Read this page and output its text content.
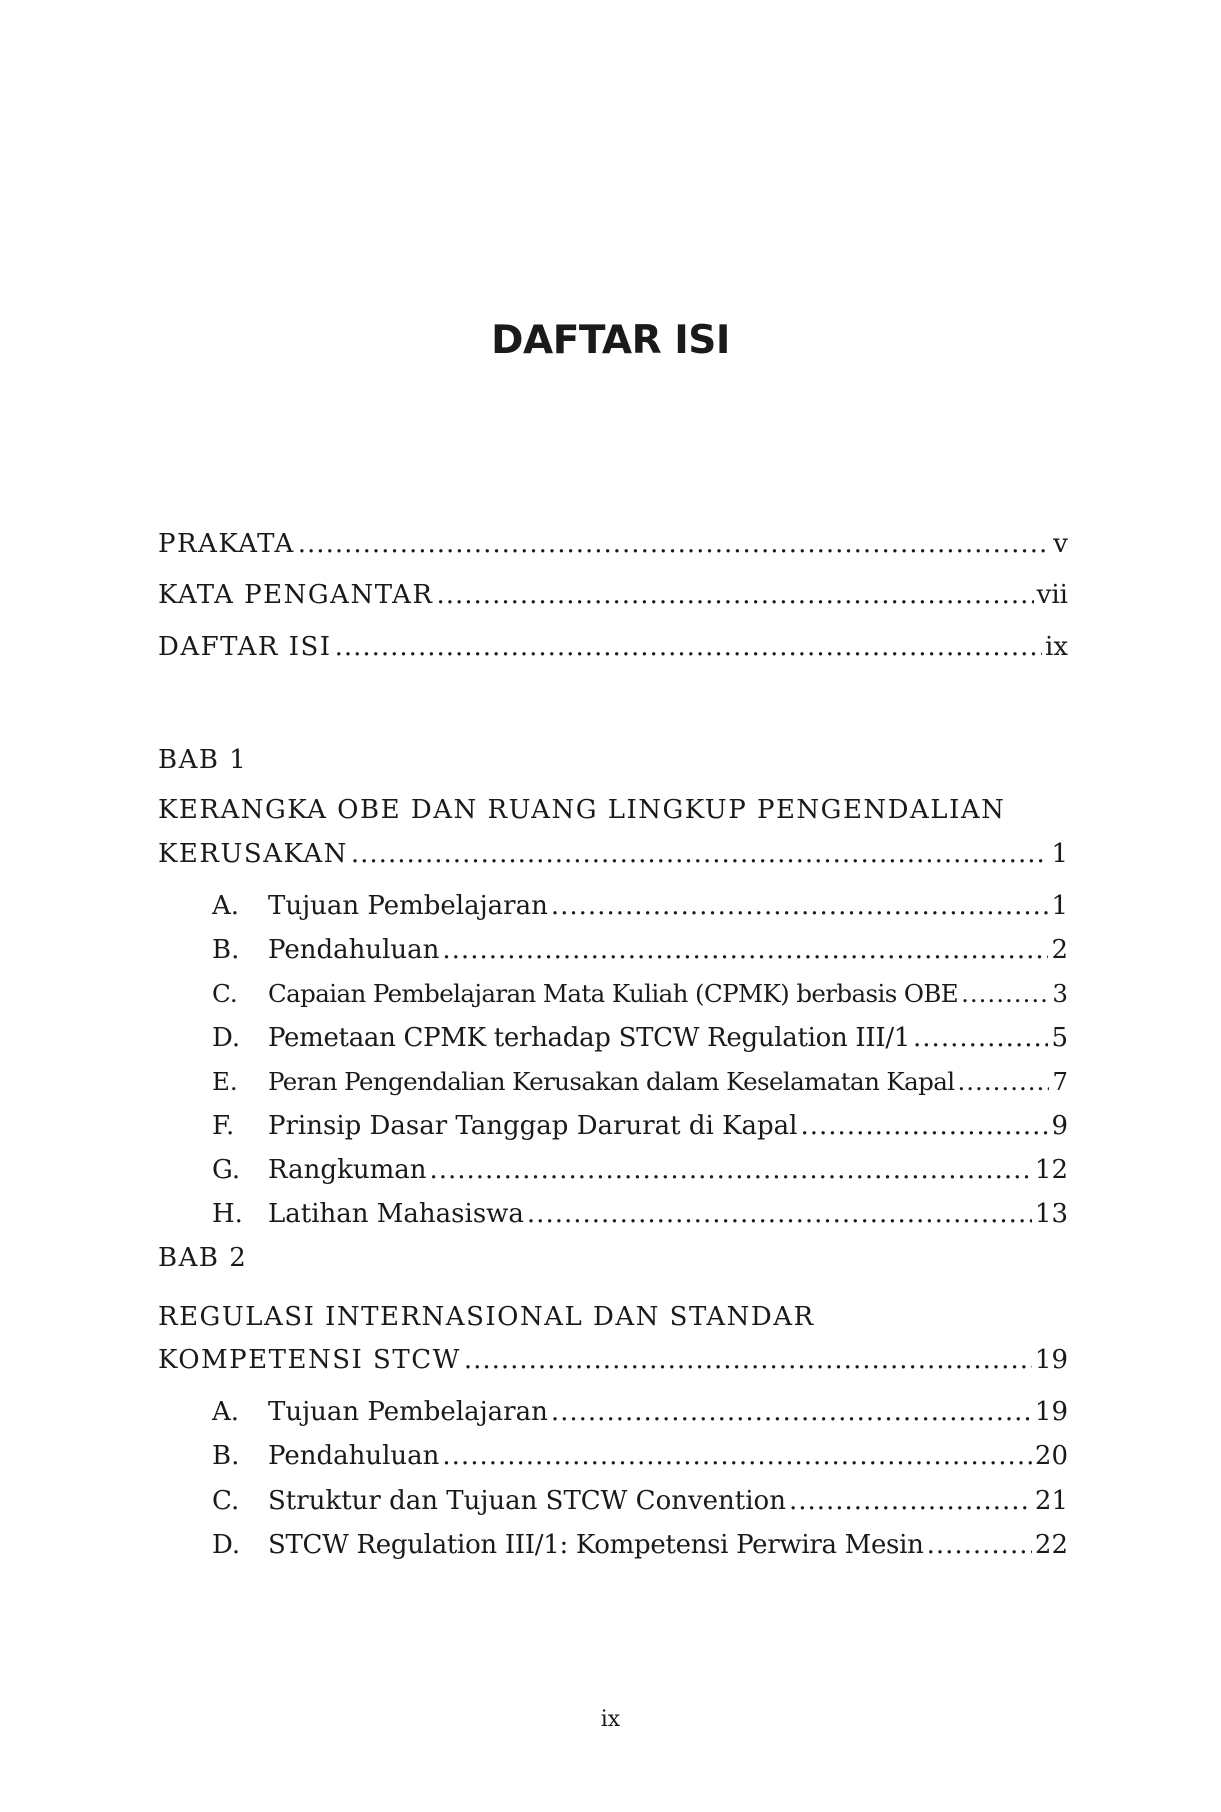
DAFTAR ISI
PRAKATA .....	v
KATA PENGANTAR .....	vii
DAFTAR ISI .....	ix
BAB 1
KERANGKA OBE DAN RUANG LINGKUP PENGENDALIAN
KERUSAKAN .....	1
A.	Tujuan Pembelajaran .....	1
B.	Pendahuluan .....	2
C.	Capaian Pembelajaran Mata Kuliah (CPMK) berbasis OBE .....	3
D.	Pemetaan CPMK terhadap STCW Regulation III/1 .....	5
E.	Peran Pengendalian Kerusakan dalam Keselamatan Kapal .....	7
F.	Prinsip Dasar Tanggap Darurat di Kapal .....	9
G.	Rangkuman .....	12
H. Latihan Mahasiswa .....	13
BAB 2
REGULASI INTERNASIONAL DAN STANDAR
KOMPETENSI STCW .....	19
A.	Tujuan Pembelajaran .....	19
B.	Pendahuluan .....	20
C.	Struktur dan Tujuan STCW Convention .....	21
D.	STCW Regulation III/1: Kompetensi Perwira Mesin .....	22
ix
